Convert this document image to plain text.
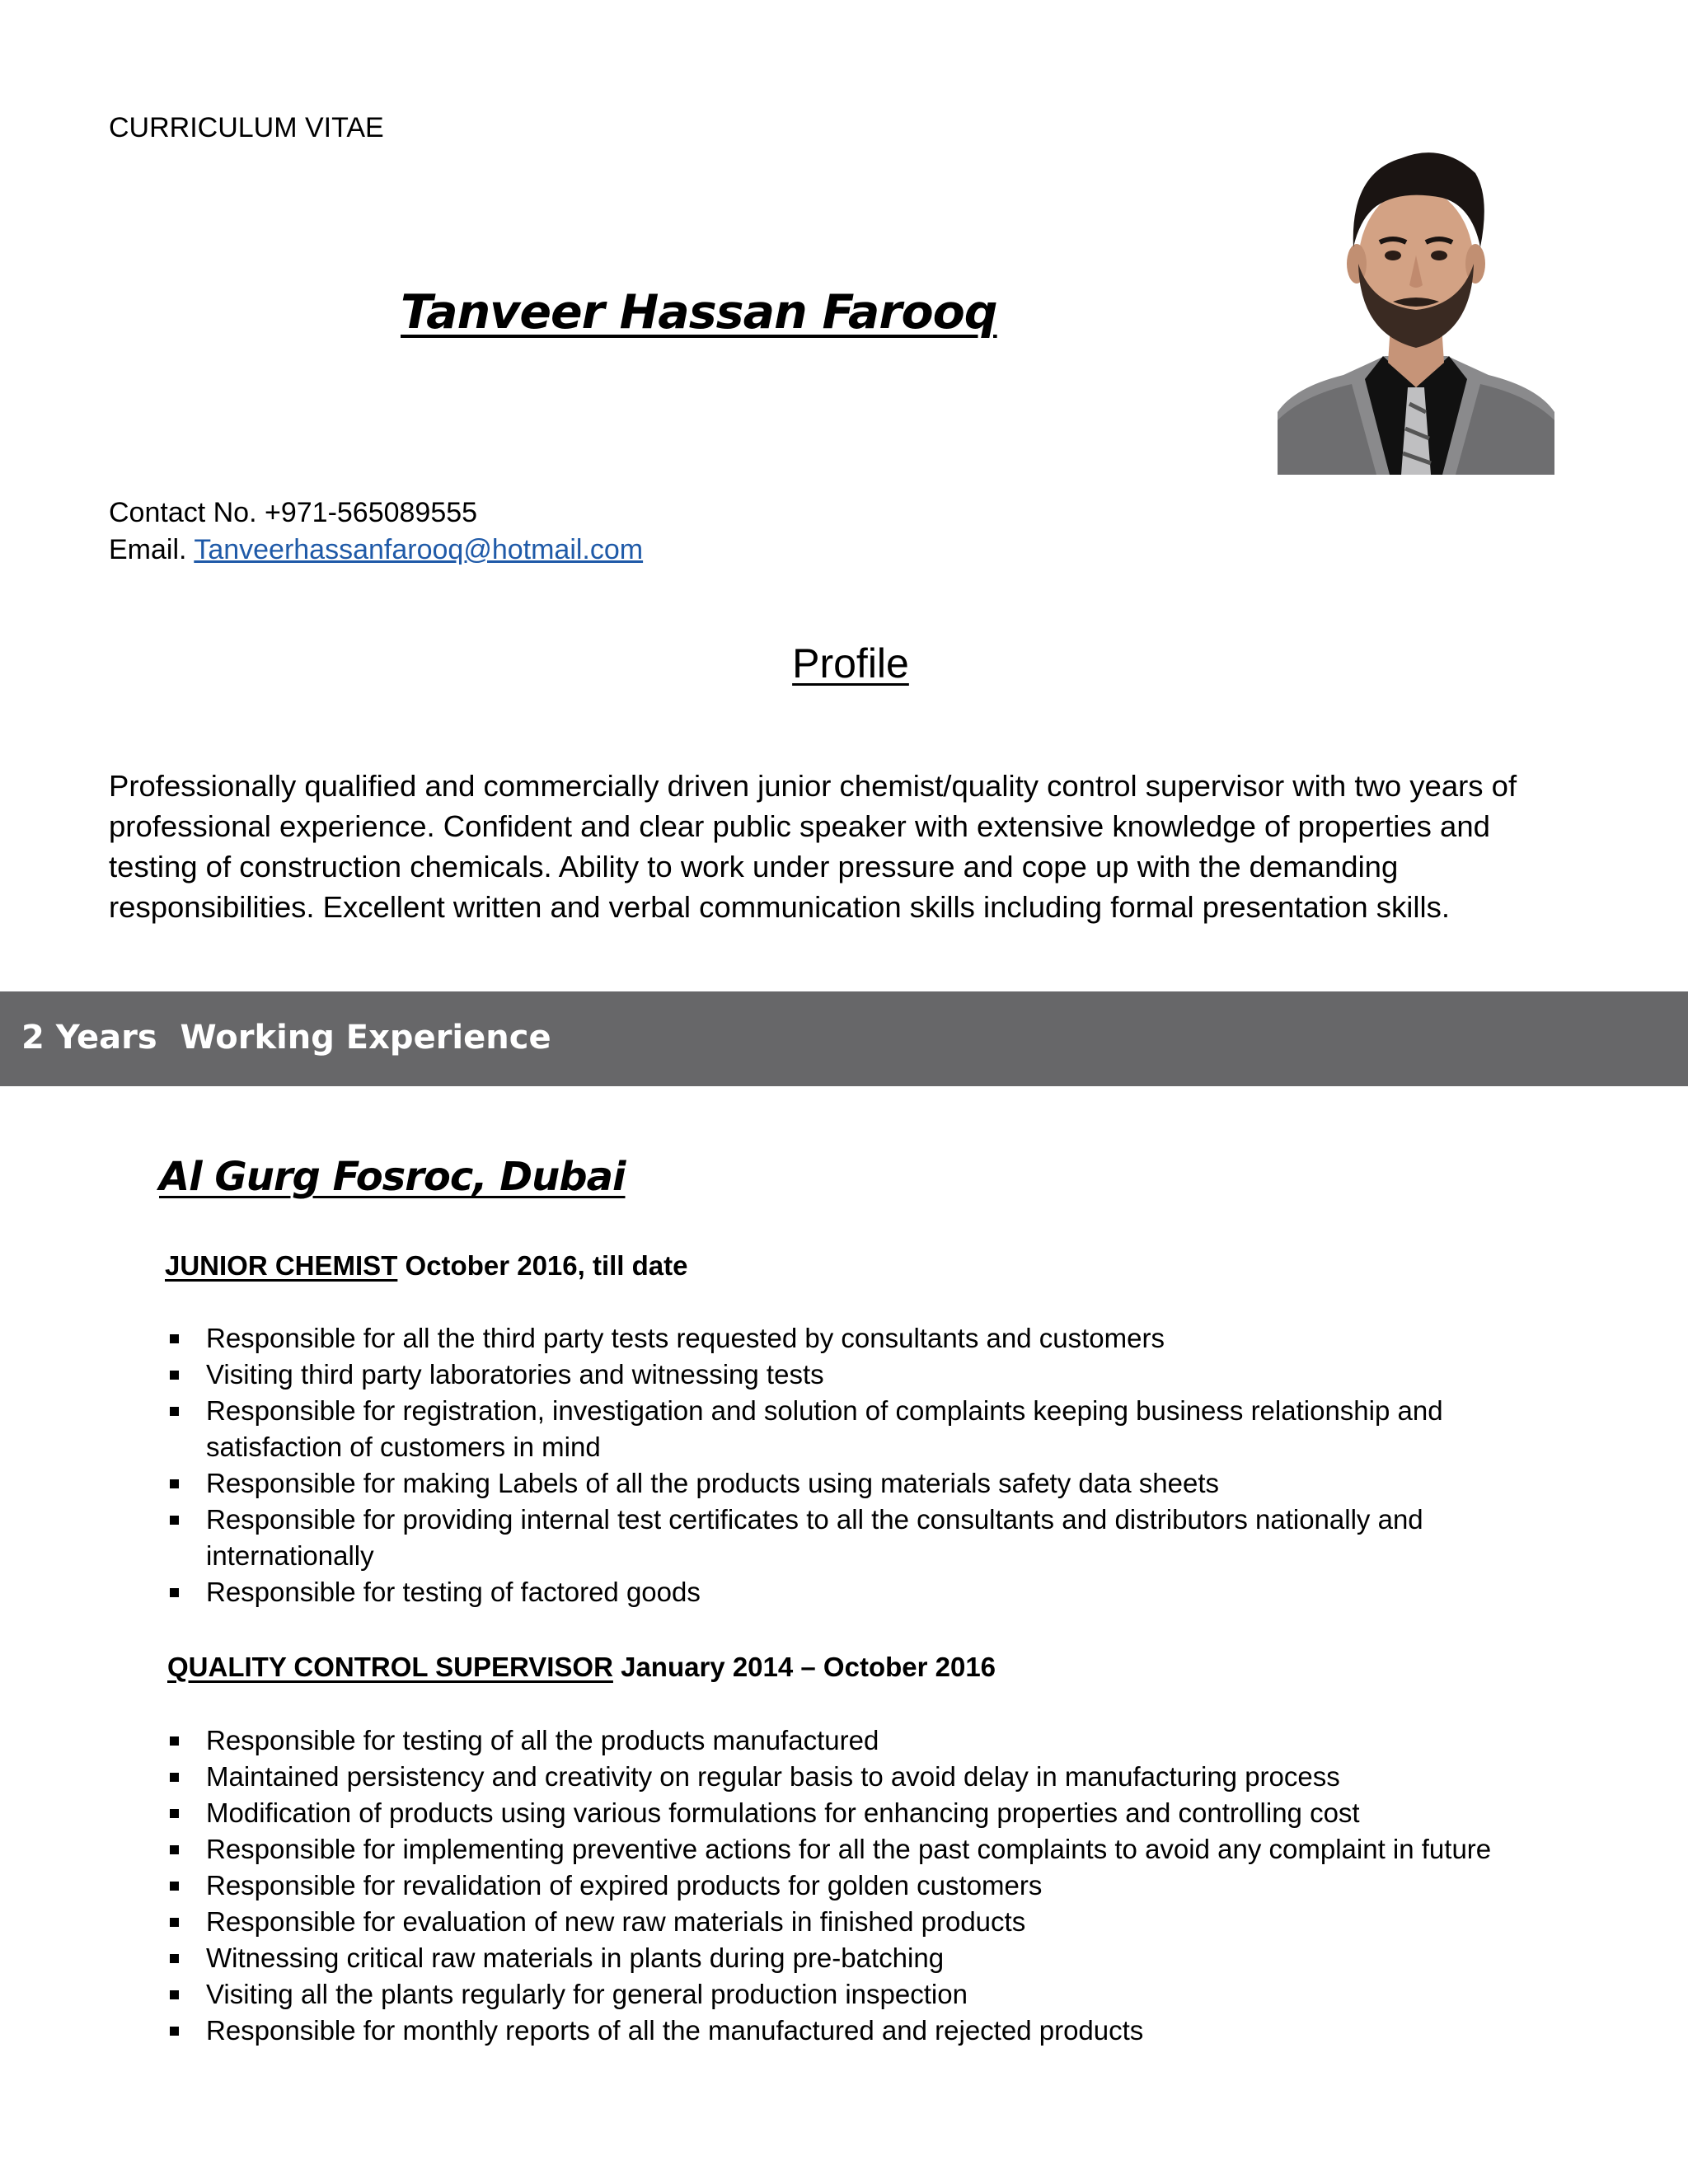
CURRICULUM VITAE
Tanveer Hassan Farooq
Contact No. +971-565089555
Email. Tanveerhassanfarooq@hotmail.com
Profile
Professionally qualified and commercially driven junior chemist/quality control supervisor with two years of professional experience. Confident and clear public speaker with extensive knowledge of properties and testing of construction chemicals. Ability to work under pressure and cope up with the demanding responsibilities. Excellent written and verbal communication skills including formal presentation skills.
2 Years  Working Experience
Al Gurg Fosroc, Dubai
JUNIOR CHEMIST October 2016, till date
Responsible for all the third party tests requested by consultants and customers
Visiting third party laboratories and witnessing tests
Responsible for registration, investigation and solution of complaints keeping business relationship and satisfaction of customers in mind
Responsible for making Labels of all the products using materials safety data sheets
Responsible for providing internal test certificates to all the consultants and distributors nationally and internationally
Responsible for testing of factored goods
QUALITY CONTROL SUPERVISOR January 2014 – October 2016
Responsible for testing of all the products manufactured
Maintained persistency and creativity on regular basis to avoid delay in manufacturing process
Modification of products using various formulations for enhancing properties and controlling cost
Responsible for implementing preventive actions for all the past complaints to avoid any complaint in future
Responsible for revalidation of expired products for golden customers
Responsible for evaluation of new raw materials in finished products
Witnessing critical raw materials in plants during pre-batching
Visiting all the plants regularly for general production inspection
Responsible for monthly reports of all the manufactured and rejected products
